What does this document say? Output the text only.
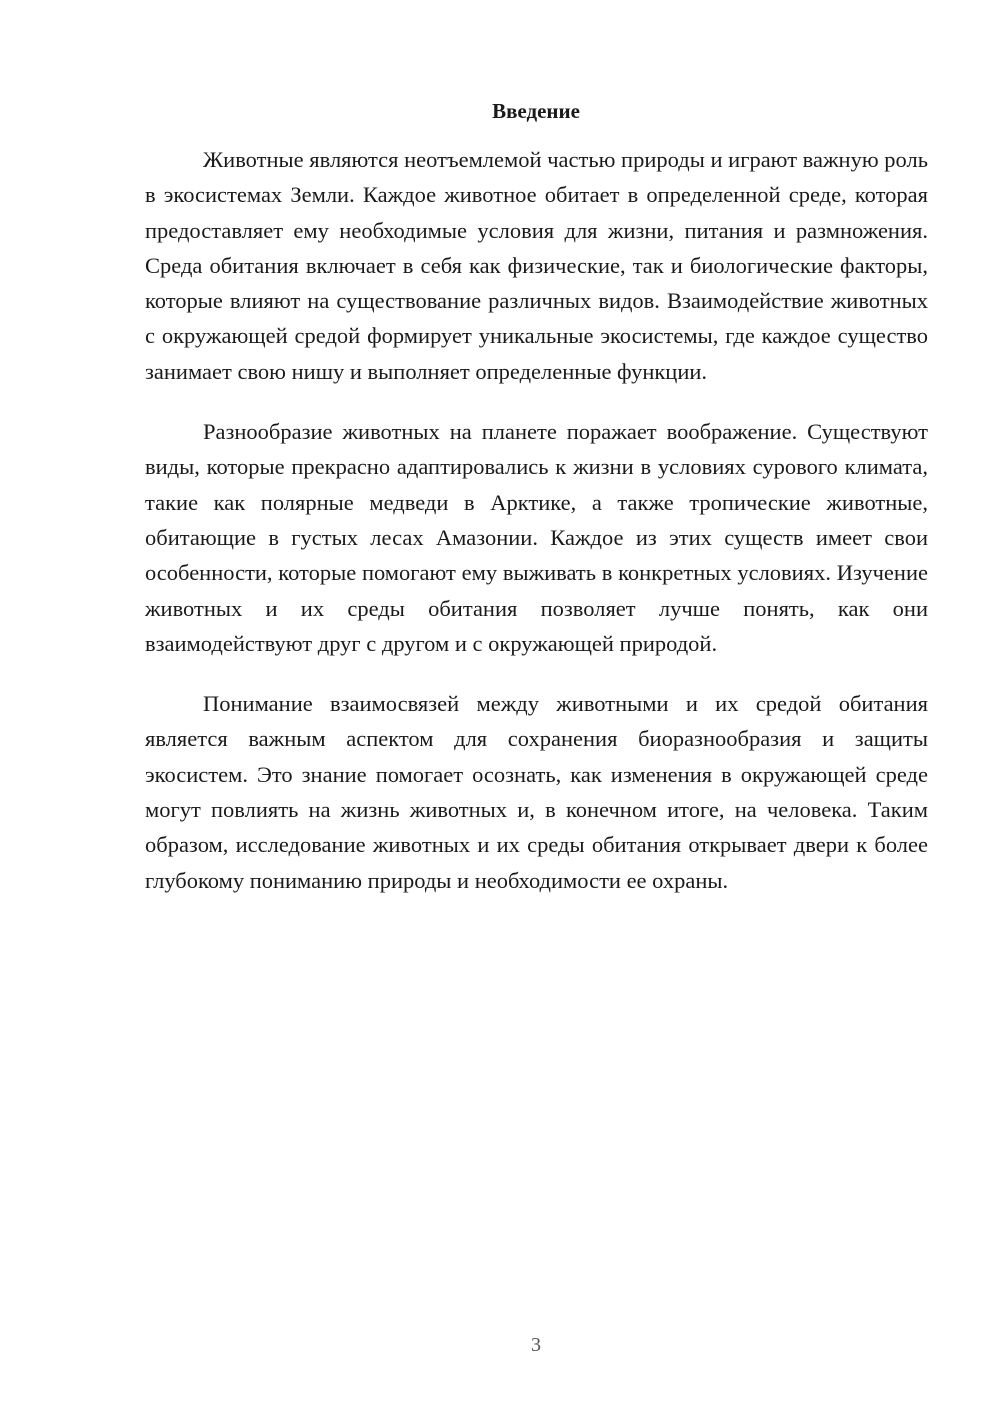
Введение

Животные являются неотъемлемой частью природы и играют важную роль в экосистемах Земли. Каждое животное обитает в определенной среде, которая предоставляет ему необходимые условия для жизни, питания и размножения. Среда обитания включает в себя как физические, так и биологические факторы, которые влияют на существование различных видов. Взаимодействие животных с окружающей средой формирует уникальные экосистемы, где каждое существо занимает свою нишу и выполняет определенные функции.

Разнообразие животных на планете поражает воображение. Существуют виды, которые прекрасно адаптировались к жизни в условиях сурового климата, такие как полярные медведи в Арктике, а также тропические животные, обитающие в густых лесах Амазонии. Каждое из этих существ имеет свои особенности, которые помогают ему выживать в конкретных условиях. Изучение животных и их среды обитания позволяет лучше понять, как они взаимодействуют друг с другом и с окружающей природой.

Понимание взаимосвязей между животными и их средой обитания является важным аспектом для сохранения биоразнообразия и защиты экосистем. Это знание помогает осознать, как изменения в окружающей среде могут повлиять на жизнь животных и, в конечном итоге, на человека. Таким образом, исследование животных и их среды обитания открывает двери к более глубокому пониманию природы и необходимости ее охраны.

3
